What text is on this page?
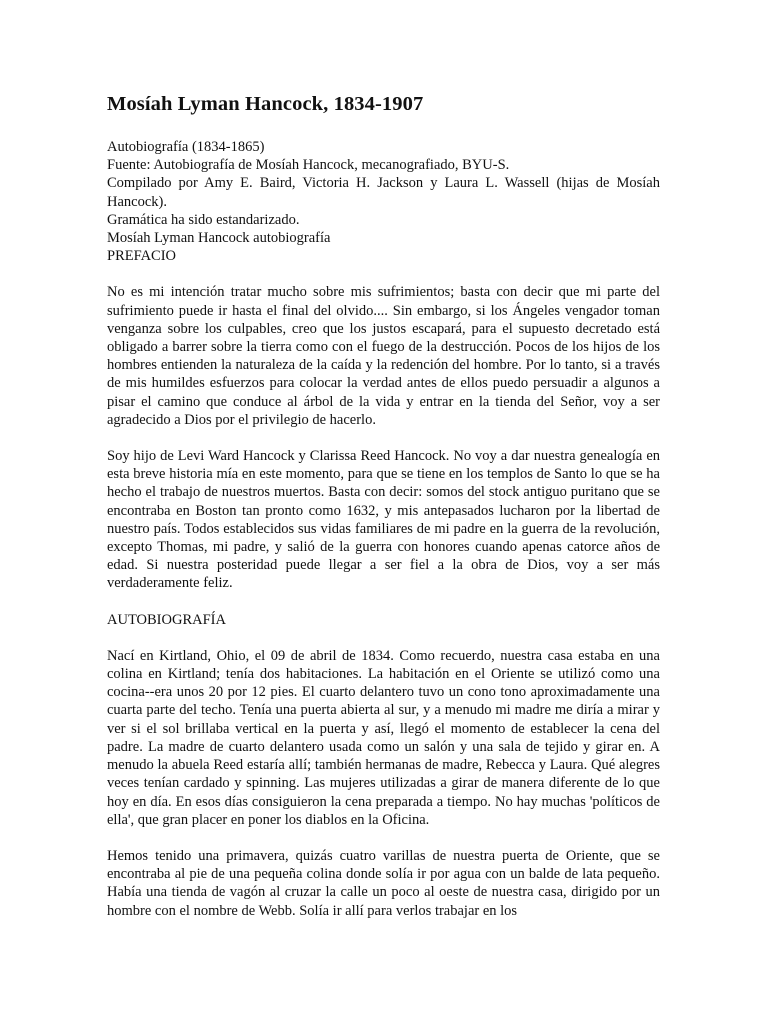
Mosíah Lyman Hancock, 1834-1907

Autobiografía (1834-1865)

Fuente: Autobiografía de Mosíah Hancock, mecanografiado, BYU-S.

Compilado por Amy E. Baird, Victoria H. Jackson y Laura L. Wassell (hijas de Mosíah Hancock).

Gramática ha sido estandarizado.

Mosíah Lyman Hancock autobiografía

PREFACIO

No es mi intención tratar mucho sobre mis sufrimientos; basta con decir que mi parte del sufrimiento puede ir hasta el final del olvido.... Sin embargo, si los Ángeles vengador toman venganza sobre los culpables, creo que los justos escapará, para el supuesto decretado está obligado a barrer sobre la tierra como con el fuego de la destrucción. Pocos de los hijos de los hombres entienden la naturaleza de la caída y la redención del hombre. Por lo tanto, si a través de mis humildes esfuerzos para colocar la verdad antes de ellos puedo persuadir a algunos a pisar el camino que conduce al árbol de la vida y entrar en la tienda del Señor, voy a ser agradecido a Dios por el privilegio de hacerlo.

Soy hijo de Levi Ward Hancock y Clarissa Reed Hancock. No voy a dar nuestra genealogía en esta breve historia mía en este momento, para que se tiene en los templos de Santo lo que se ha hecho el trabajo de nuestros muertos. Basta con decir: somos del stock antiguo puritano que se encontraba en Boston tan pronto como 1632, y mis antepasados lucharon por la libertad de nuestro país. Todos establecidos sus vidas familiares de mi padre en la guerra de la revolución, excepto Thomas, mi padre, y salió de la guerra con honores cuando apenas catorce años de edad. Si nuestra posteridad puede llegar a ser fiel a la obra de Dios, voy a ser más verdaderamente feliz.

AUTOBIOGRAFÍA

Nací en Kirtland, Ohio, el 09 de abril de 1834. Como recuerdo, nuestra casa estaba en una colina en Kirtland; tenía dos habitaciones. La habitación en el Oriente se utilizó como una cocina--era unos 20 por 12 pies. El cuarto delantero tuvo un cono tono aproximadamente una cuarta parte del techo. Tenía una puerta abierta al sur, y a menudo mi madre me diría a mirar y ver si el sol brillaba vertical en la puerta y así, llegó el momento de establecer la cena del padre. La madre de cuarto delantero usada como un salón y una sala de tejido y girar en. A menudo la abuela Reed estaría allí; también hermanas de madre, Rebecca y Laura. Qué alegres veces tenían cardado y spinning. Las mujeres utilizadas a girar de manera diferente de lo que hoy en día. En esos días consiguieron la cena preparada a tiempo. No hay muchas 'políticos de ella', que gran placer en poner los diablos en la Oficina.

Hemos tenido una primavera, quizás cuatro varillas de nuestra puerta de Oriente, que se encontraba al pie de una pequeña colina donde solía ir por agua con un balde de lata pequeño. Había una tienda de vagón al cruzar la calle un poco al oeste de nuestra casa, dirigido por un hombre con el nombre de Webb. Solía ir allí para verlos trabajar en los
